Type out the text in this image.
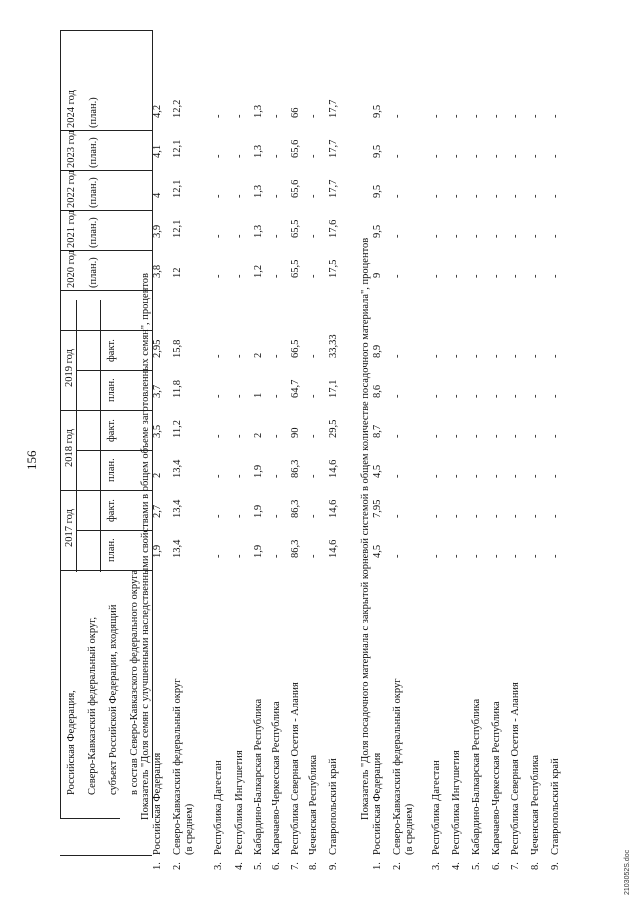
156
Российская Федерация, Северо-Кавказский федеральный округ, субъект Российской Федерации, входящий в состав Северо-Кавказского федерального округа
2017 год
2018 год
2019 год
план.
факт.
план.
факт.
план.
факт.
2020 год (план.)
2021 год (план.)
2022 год (план.)
2023 год (план.)
2024 год (план.)
Показатель "Доля семян с улучшенными наследственными свойствами в общем объеме заготовленных семян", процентов
1.
Российская Федерация
1,9
2,7
2
3,5
3,7
2,95
3,8
3,9
4
4,1
4,2
2.
Северо-Кавказский федеральный округ (в среднем)
13,4
13,4
13,4
11,2
11,8
15,8
12
12,1
12,1
12,1
12,2
3.
Республика Дагестан
-
-
-
-
-
-
-
-
-
-
-
4.
Республика Ингушетия
-
-
-
-
-
-
-
-
-
-
-
5.
Кабардино-Балкарская Республика
1,9
1,9
1,9
2
1
2
1,2
1,3
1,3
1,3
1,3
6.
Карачаево-Черкесская Республика
-
-
-
-
-
-
-
-
-
-
-
7.
Республика Северная Осетия - Алания
86,3
86,3
86,3
90
64,7
66,5
65,5
65,5
65,6
65,6
66
8.
Чеченская Республика
-
-
-
-
-
-
-
-
-
-
-
9.
Ставропольский край
14,6
14,6
14,6
29,5
17,1
33,33
17,5
17,6
17,7
17,7
17,7
Показатель "Доля посадочного материала с закрытой корневой системой в общем количестве посадочного материала", процентов
1.
Российская Федерация
4,5
7,95
4,5
8,7
8,6
8,9
9
9,5
9,5
9,5
9,5
2.
Северо-Кавказский федеральный округ (в среднем)
-
-
-
-
-
-
-
-
-
-
-
3.
Республика Дагестан
-
-
-
-
-
-
-
-
-
-
-
4.
Республика Ингушетия
-
-
-
-
-
-
-
-
-
-
-
5.
Кабардино-Балкарская Республика
-
-
-
-
-
-
-
-
-
-
-
6.
Карачаево-Черкесская Республика
-
-
-
-
-
-
-
-
-
-
-
7.
Республика Северная Осетия - Алания
-
-
-
-
-
-
-
-
-
-
-
8.
Чеченская Республика
-
-
-
-
-
-
-
-
-
-
-
9.
Ставропольский край
-
-
-
-
-
-
-
-
-
-
-
2103052S.doc
